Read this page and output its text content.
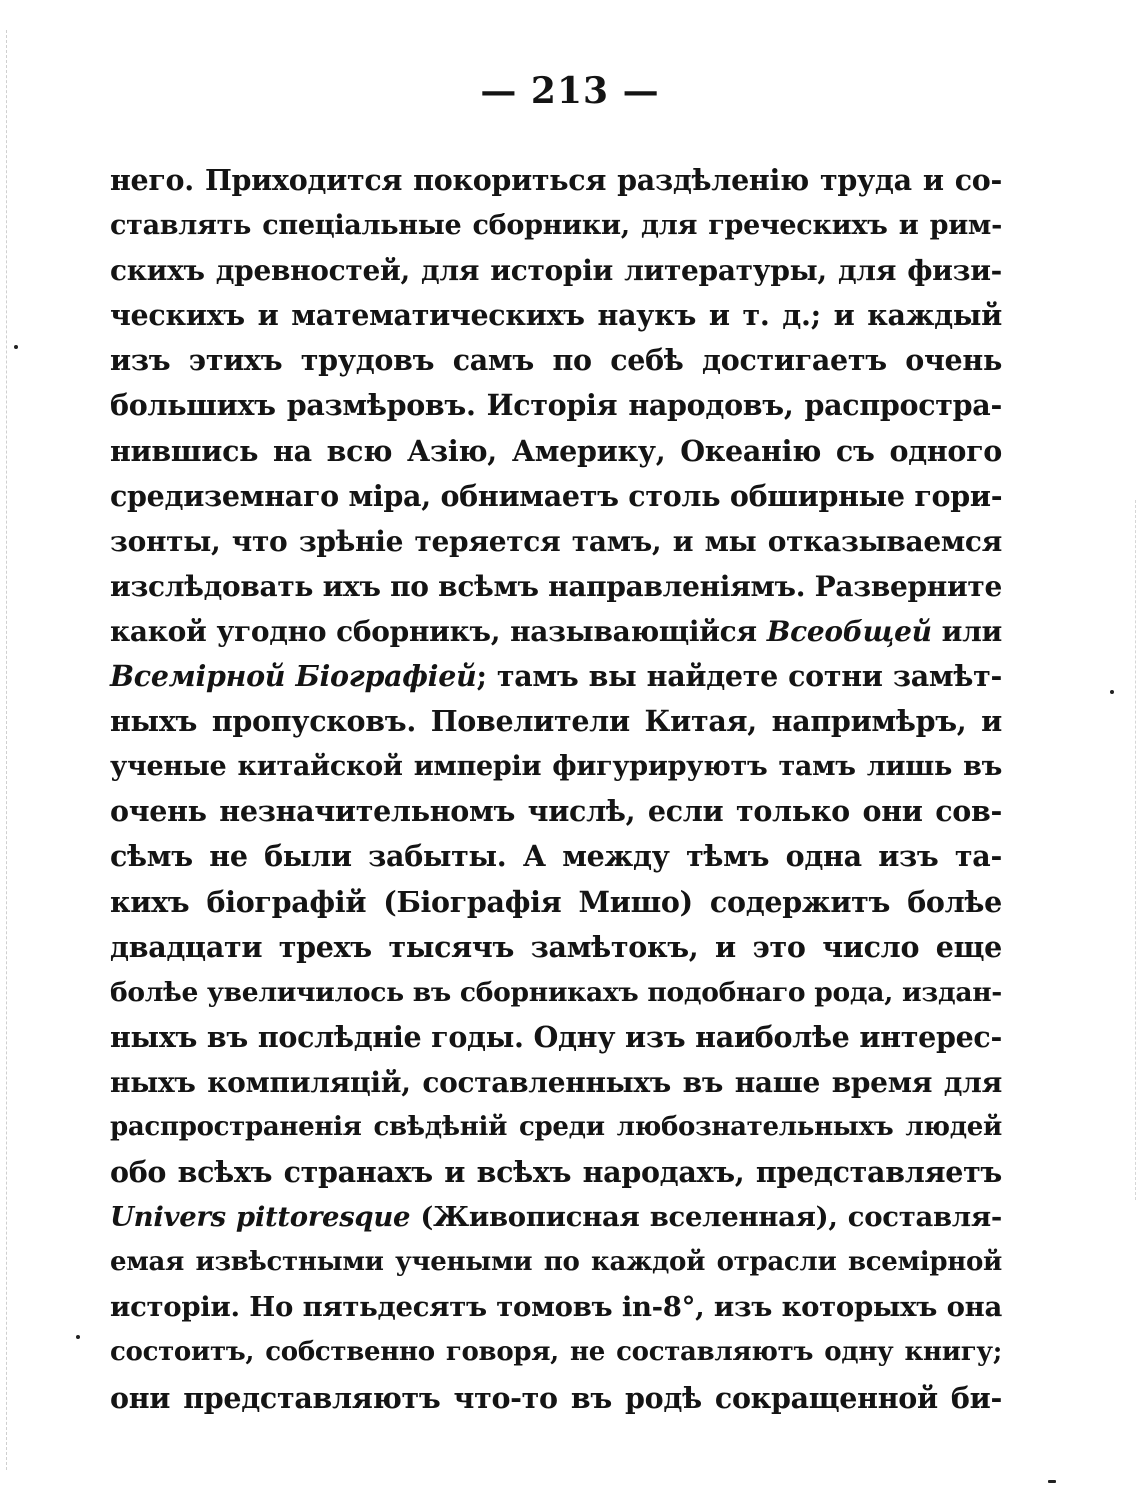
— 213 —
него. Приходится покориться раздѣленію труда и со-
ставлять спеціальные сборники, для греческихъ и рим-
скихъ древностей, для исторіи литературы, для физи-
ческихъ и математическихъ наукъ и т. д.; и каждый
изъ этихъ трудовъ самъ по себѣ достигаетъ очень
большихъ размѣровъ. Исторія народовъ, распростра-
нившись на всю Азію, Америку, Океанію съ одного
средиземнаго міра, обнимаетъ столь обширные гори-
зонты, что зрѣніе теряется тамъ, и мы отказываемся
изслѣдовать ихъ по всѣмъ направленіямъ. Разверните
какой угодно сборникъ, называющійся Всеобщей или
Всемірной Біографіей; тамъ вы найдете сотни замѣт-
ныхъ пропусковъ. Повелители Китая, напримѣръ, и
ученые китайской имперіи фигурируютъ тамъ лишь въ
очень незначительномъ числѣ, если только они сов-
сѣмъ не были забыты. А между тѣмъ одна изъ та-
кихъ біографій (Біографія Мишо) содержитъ болѣе
двадцати трехъ тысячъ замѣтокъ, и это число еще
болѣе увеличилось въ сборникахъ подобнаго рода, издан-
ныхъ въ послѣдніе годы. Одну изъ наиболѣе интерес-
ныхъ компиляцій, составленныхъ въ наше время для
распространенія свѣдѣній среди любознательныхъ людей
обо всѣхъ странахъ и всѣхъ народахъ, представляетъ
Univers pittoresque (Живописная вселенная), составля-
емая извѣстными учеными по каждой отрасли всемірной
исторіи. Но пятьдесятъ томовъ in-8°, изъ которыхъ она
состоитъ, собственно говоря, не составляютъ одну книгу;
они представляютъ что-то въ родѣ сокращенной би-
